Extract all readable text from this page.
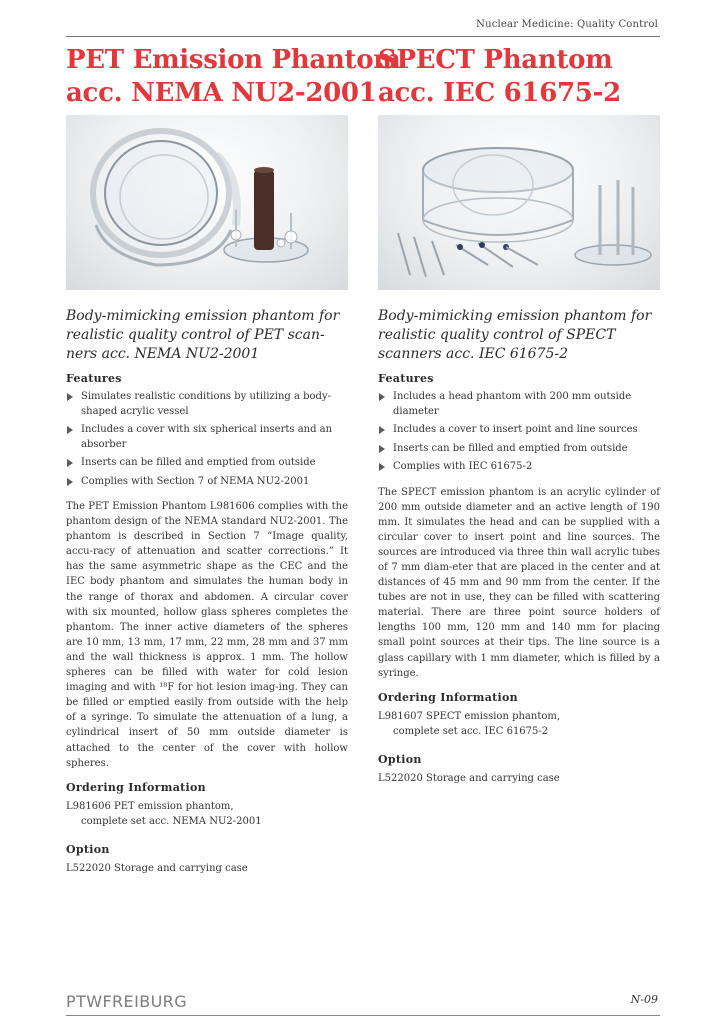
Nuclear Medicine: Quality Control
PET Emission Phantom
acc. NEMA NU2-2001
SPECT Phantom
acc. IEC 61675-2

Body-mimicking emission phantom for realistic quality control of PET scan-ners acc. NEMA NU2-2001

Features
Simulates realistic conditions by utilizing a body-shaped acrylic vessel
Includes a cover with six spherical inserts and an absorber
Inserts can be filled and emptied from outside
Complies with Section 7 of NEMA NU2-2001

The PET Emission Phantom L981606 complies with the phantom design of the NEMA standard NU2-2001. The phantom is described in Section 7 “Image quality, accu-racy of attenuation and scatter corrections.” It has the same asymmetric shape as the CEC and the IEC body phantom and simulates the human body in the range of thorax and abdomen. A circular cover with six mounted, hollow glass spheres completes the phantom. The inner active diameters of the spheres are 10 mm, 13 mm, 17 mm, 22 mm, 28 mm and 37 mm and the wall thickness is approx. 1 mm. The hollow spheres can be filled with water for cold lesion imaging and with ¹⁸F for hot lesion imag-ing. They can be filled or emptied easily from outside with the help of a syringe. To simulate the attenuation of a lung, a cylindrical insert of 50 mm outside diameter is attached to the center of the cover with hollow spheres.

Ordering Information
L981606 PET emission phantom,
complete set acc. NEMA NU2-2001
Option
L522020 Storage and carrying case

Body-mimicking emission phantom for realistic quality control of SPECT scanners acc. IEC 61675-2

Features
Includes a head phantom with 200 mm outside diameter
Includes a cover to insert point and line sources
Inserts can be filled and emptied from outside
Complies with IEC 61675-2

The SPECT emission phantom is an acrylic cylinder of 200 mm outside diameter and an active length of 190 mm. It simulates the head and can be supplied with a circular cover to insert point and line sources. The sources are introduced via three thin wall acrylic tubes of 7 mm diam-eter that are placed in the center and at distances of 45 mm and 90 mm from the center. If the tubes are not in use, they can be filled with scattering material. There are three point source holders of lengths 100 mm, 120 mm and 140 mm for placing small point sources at their tips. The line source is a glass capillary with 1 mm diameter, which is filled by a syringe.

Ordering Information
L981607 SPECT emission phantom,
complete set acc. IEC 61675-2
Option
L522020 Storage and carrying case
PTWFREIBURG	N-09
